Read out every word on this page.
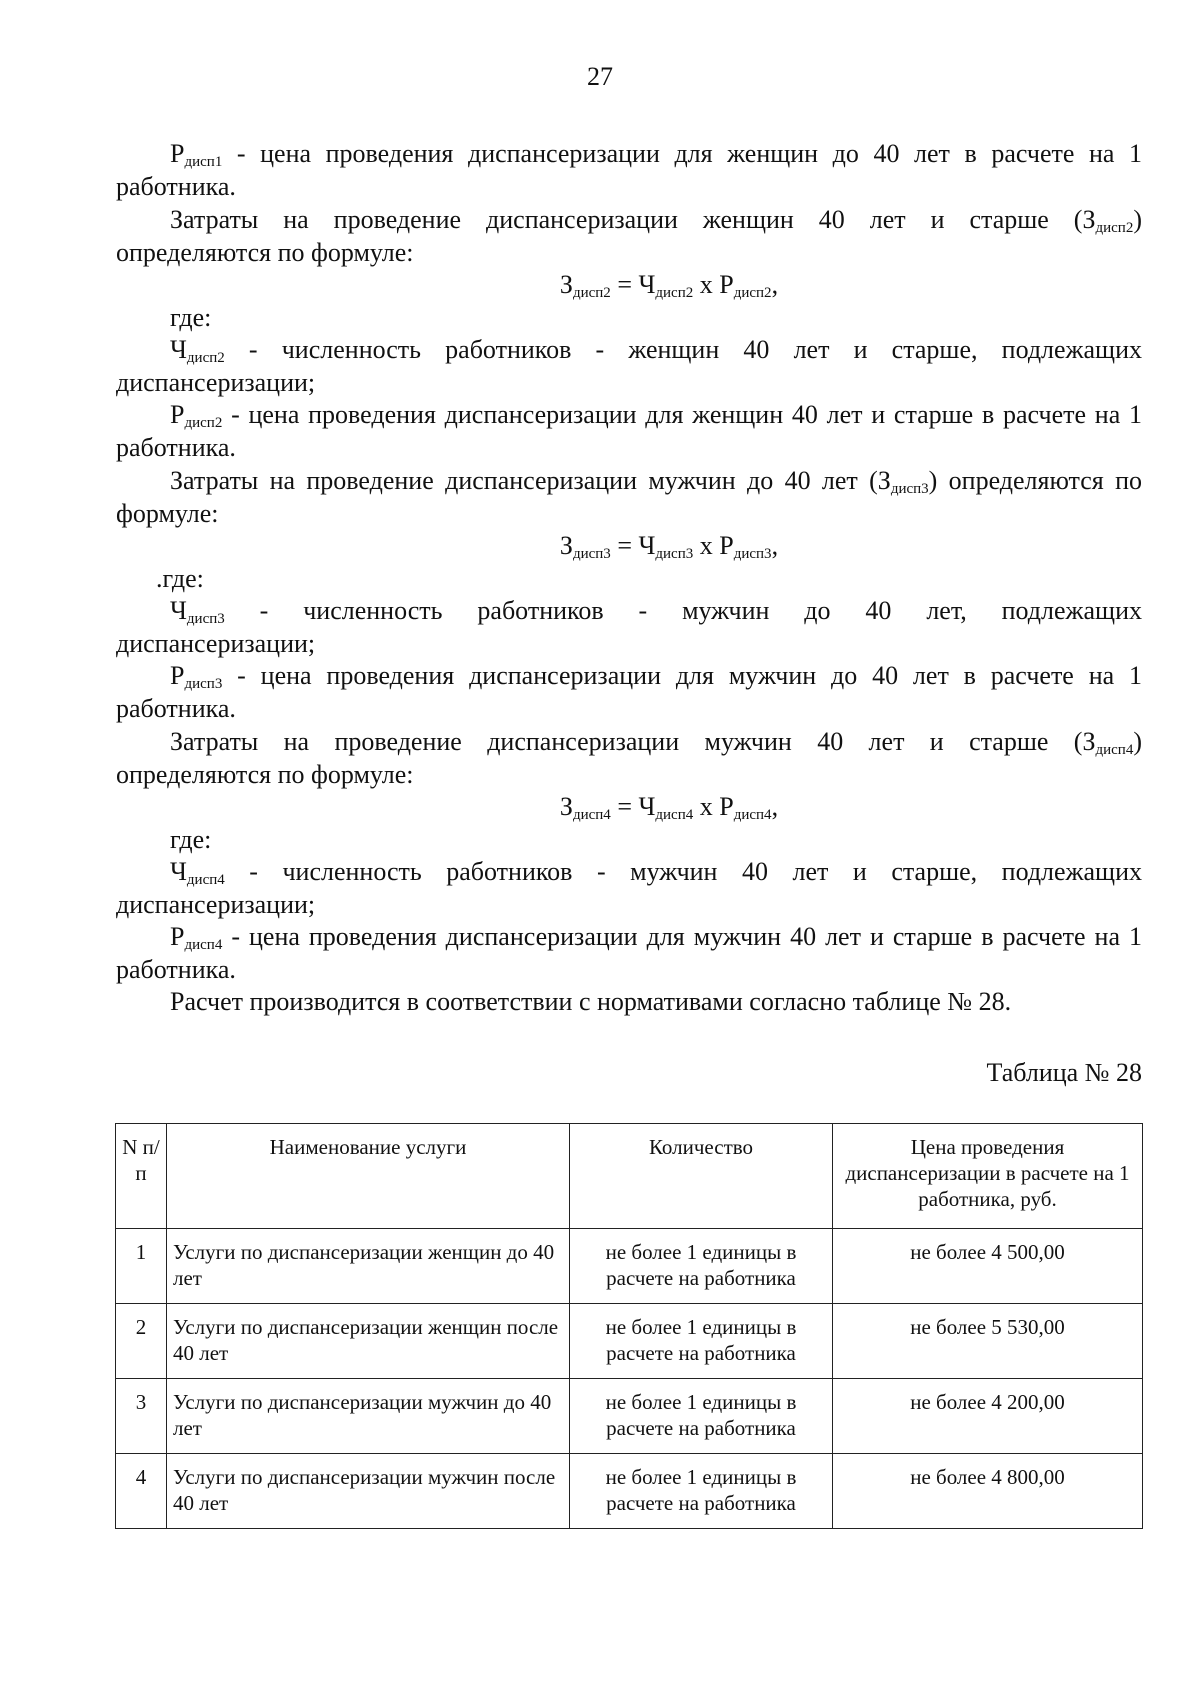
27

$Р_{дисп1}$ - цена проведения диспансеризации для женщин до 40 лет в расчете на 1 работника.

Затраты на проведение диспансеризации женщин 40 лет и старше $(З_{дисп2})$

определяются по формуле:

$З_{дисп2} = Ч_{дисп2}$ х $Р_{дисп2}$,

где:

$Ч_{дисп2}$ - численность работников - женщин 40 лет и старше, подлежащих

диспансеризации;

$Р_{дисп2}$ - цена проведения диспансеризации для женщин 40 лет и старше в расчете на 1 работника.

Затраты на проведение диспансеризации мужчин до 40 лет $(З_{дисп3})$ определяются по формуле:

$З_{дисп3} = Ч_{дисп3}$ х $Р_{дисп3}$,

.где:

$Ч_{дисп3}$ - численность работников - мужчин до 40 лет, подлежащих

диспансеризации;

$Р_{дисп3}$ - цена проведения диспансеризации для мужчин до 40 лет в расчете на 1 работника.

Затраты на проведение диспансеризации мужчин 40 лет и старше $(З_{дисп4})$

определяются по формуле:

$З_{дисп4} = Ч_{дисп4}$ х $Р_{дисп4}$,

где:

$Ч_{дисп4}$ - численность работников - мужчин 40 лет и старше, подлежащих

диспансеризации;

$Р_{дисп4}$ - цена проведения диспансеризации для мужчин 40 лет и старше в расчете на 1 работника.

Расчет производится в соответствии с нормативами согласно таблице № 28.

Таблица № 28
N п/п	Наименование услуги	Количество	Цена проведения диспансеризации в расчете на 1 работника, руб.
1	Услуги по диспансеризации женщин до 40 лет	не более 1 единицы в расчете на работника	не более 4 500,00
2	Услуги по диспансеризации женщин после 40 лет	не более 1 единицы в расчете на работника	не более 5 530,00
3	Услуги по диспансеризации мужчин до 40 лет	не более 1 единицы в расчете на работника	не более 4 200,00
4	Услуги по диспансеризации мужчин после 40 лет	не более 1 единицы в расчете на работника	не более 4 800,00
